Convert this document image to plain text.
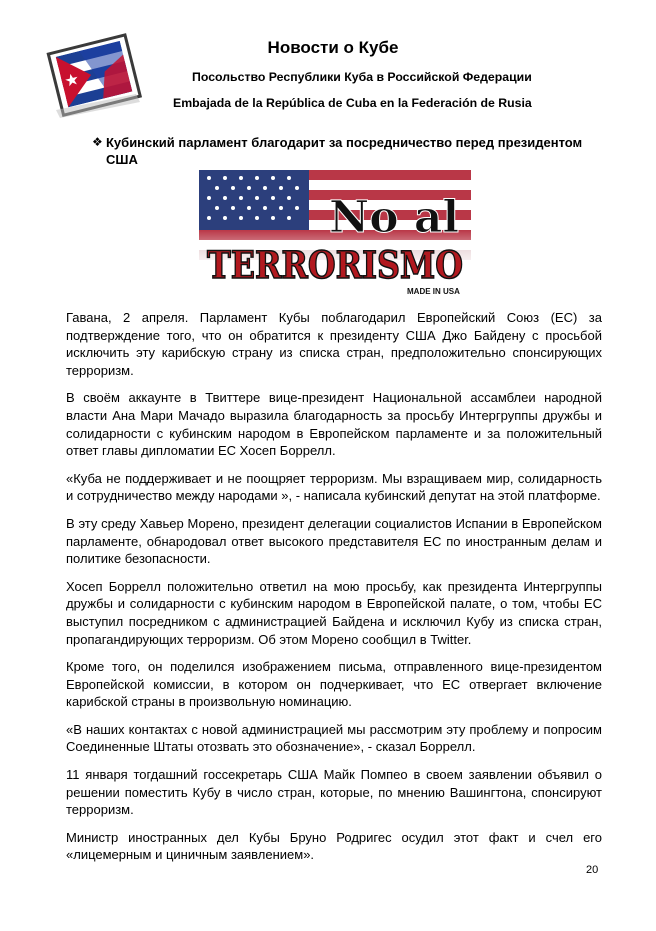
Новости о Кубе
Посольство Республики Куба в Российской Федерации
Embajada de la República de Cuba en la Federación de Rusia
❖ Кубинский парламент благодарит за посредничество перед президентом США
No al
TERRORISMO
MADE IN USA

Гавана, 2 апреля. Парламент Кубы поблагодарил Европейский Союз (ЕС) за подтверждение того, что он обратится к президенту США Джо Байдену с просьбой исключить эту карибскую страну из списка стран, предположительно спонсирующих терроризм.

В своём аккаунте в Твиттере вице-президент Национальной ассамблеи народной власти Ана Мари Мачадо выразила благодарность за просьбу Интергруппы дружбы и солидарности с кубинским народом в Европейском парламенте и за положительный ответ главы дипломатии ЕС Хосеп Боррелл.

«Куба не поддерживает и не поощряет терроризм. Мы взращиваем мир, солидарность и сотрудничество между народами », - написала кубинский депутат на этой платформе.

В эту среду Хавьер Морено, президент делегации социалистов Испании в Европейском парламенте, обнародовал ответ высокого представителя ЕС по иностранным делам и политике безопасности.

Хосеп Боррелл положительно ответил на мою просьбу, как президента Интергруппы дружбы и солидарности с кубинским народом в Европейской палате, о том, чтобы ЕС выступил посредником с администрацией Байдена и исключил Кубу из списка стран, пропагандирующих терроризм. Об этом Морено сообщил в Twitter.

Кроме того, он поделился изображением письма, отправленного вице-президентом Европейской комиссии, в котором он подчеркивает, что ЕС отвергает включение карибской страны в произвольную номинацию.

«В наших контактах с новой администрацией мы рассмотрим эту проблему и попросим Соединенные Штаты отозвать это обозначение», - сказал Боррелл.

11 января тогдашний госсекретарь США Майк Помпео в своем заявлении объявил о решении поместить Кубу в число стран, которые, по мнению Вашингтона, спонсируют терроризм.

Министр иностранных дел Кубы Бруно Родригес осудил этот факт и счел его «лицемерным и циничным заявлением».

20
